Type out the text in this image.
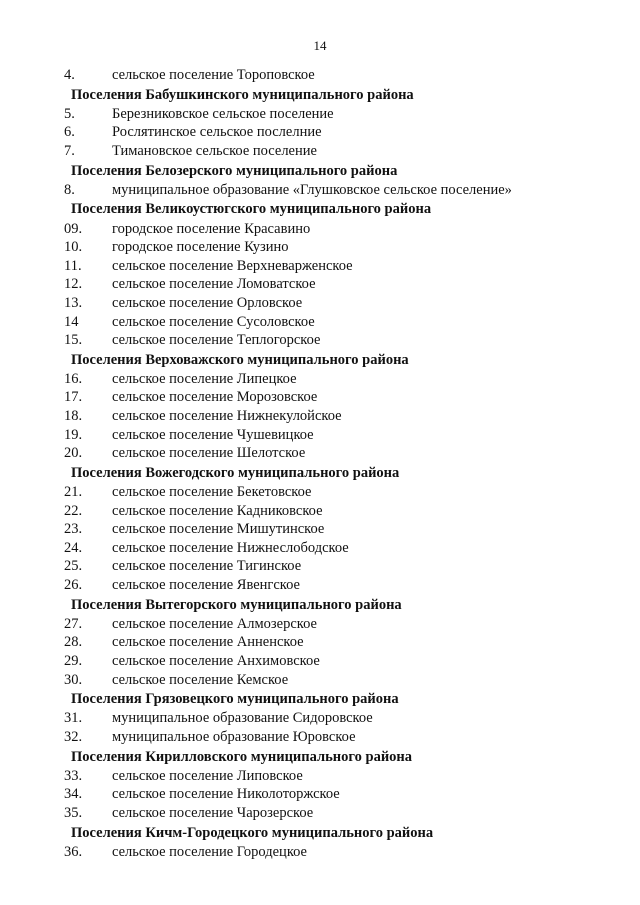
14
4.	сельское поселение Тороповское
Поселения Бабушкинского муниципального района
5.	Березниковское сельское поселение
6.	Рослятинское сельское послелние
7.	Тимановское сельское поселение
Поселения Белозерского муниципального района
8.	муниципальное образование «Глушковское сельское поселение»
Поселения Великоустюгского муниципального района
09.	городское поселение Красавино
10.	городское поселение Кузино
11.	сельское поселение Верхневарженское
12.	сельское поселение Ломоватское
13.	сельское поселение Орловское
14	сельское поселение Сусоловское
15.	сельское поселение Теплогорское
Поселения Верховажского муниципального района
16.	сельское поселение Липецкое
17.	сельское поселение Морозовское
18.	сельское поселение Нижнекулойское
19.	сельское поселение Чушевицкое
20.	сельское поселение Шелотское
Поселения Вожегодского муниципального района
21.	сельское поселение Бекетовское
22.	сельское поселение Кадниковское
23.	сельское поселение Мишутинское
24.	сельское поселение Нижнеслободское
25.	сельское поселение Тигинское
26.	сельское поселение Явенгское
Поселения Вытегорского муниципального района
27.	сельское поселение Алмозерское
28.	сельское поселение Анненское
29.	сельское поселение Анхимовское
30.	сельское поселение Кемское
Поселения Грязовецкого муниципального района
31.	муниципальное образование Сидоровское
32.	муниципальное образование Юровское
Поселения Кирилловского муниципального района
33.	сельское поселение Липовское
34.	сельское поселение Николоторжское
35.	сельское поселение Чарозерское
Поселения Кичм-Городецкого муниципального района
36.	сельское поселение Городецкое
